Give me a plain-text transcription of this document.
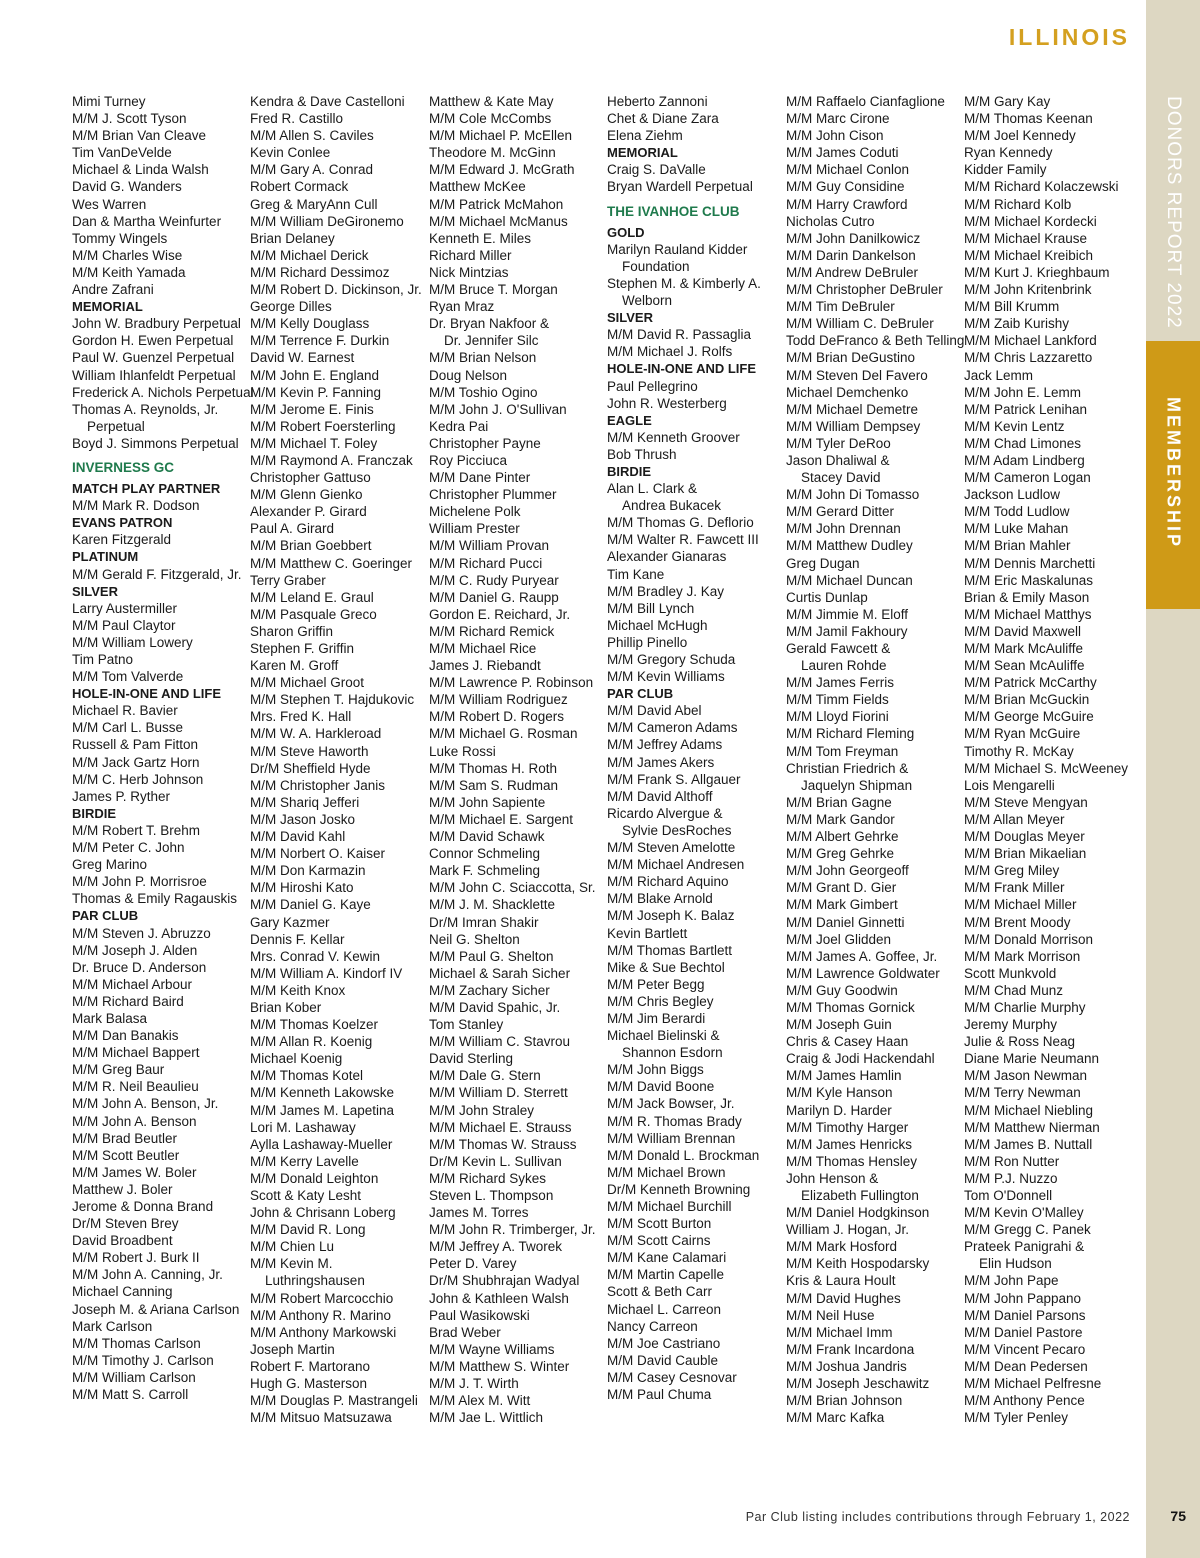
ILLINOIS
DONORS REPORT 2022
MEMBERSHIP
Mimi Turney
M/M J. Scott Tyson
M/M Brian Van Cleave
Tim VanDeVelde
Michael & Linda Walsh
David G. Wanders
Wes Warren
Dan & Martha Weinfurter
Tommy Wingels
M/M Charles Wise
M/M Keith Yamada
Andre Zafrani
MEMORIAL
John W. Bradbury Perpetual
Gordon H. Ewen Perpetual
Paul W. Guenzel Perpetual
William Ihlanfeldt Perpetual
Frederick A. Nichols Perpetual
Thomas A. Reynolds, Jr.
Perpetual
Boyd J. Simmons Perpetual
INVERNESS GC
MATCH PLAY PARTNER
M/M Mark R. Dodson
EVANS PATRON
Karen Fitzgerald
PLATINUM
M/M Gerald F. Fitzgerald, Jr.
SILVER
Larry Austermiller
M/M Paul Claytor
M/M William Lowery
Tim Patno
M/M Tom Valverde
HOLE-IN-ONE AND LIFE
Michael R. Bavier
M/M Carl L. Busse
Russell & Pam Fitton
M/M Jack Gartz Horn
M/M C. Herb Johnson
James P. Ryther
BIRDIE
M/M Robert T. Brehm
M/M Peter C. John
Greg Marino
M/M John P. Morrisroe
Thomas & Emily Ragauskis
PAR CLUB
M/M Steven J. Abruzzo
M/M Joseph J. Alden
Dr. Bruce D. Anderson
M/M Michael Arbour
M/M Richard Baird
Mark Balasa
M/M Dan Banakis
M/M Michael Bappert
M/M Greg Baur
M/M R. Neil Beaulieu
M/M John A. Benson, Jr.
M/M John A. Benson
M/M Brad Beutler
M/M Scott Beutler
M/M James W. Boler
Matthew J. Boler
Jerome & Donna Brand
Dr/M Steven Brey
David Broadbent
M/M Robert J. Burk II
M/M John A. Canning, Jr.
Michael Canning
Joseph M. & Ariana Carlson
Mark Carlson
M/M Thomas Carlson
M/M Timothy J. Carlson
M/M William Carlson
M/M Matt S. Carroll
Kendra & Dave Castelloni
Fred R. Castillo
M/M Allen S. Caviles
Kevin Conlee
M/M Gary A. Conrad
Robert Cormack
Greg & MaryAnn Cull
M/M William DeGironemo
Brian Delaney
M/M Michael Derick
M/M Richard Dessimoz
M/M Robert D. Dickinson, Jr.
George Dilles
M/M Kelly Douglass
M/M Terrence F. Durkin
David W. Earnest
M/M John E. England
M/M Kevin P. Fanning
M/M Jerome E. Finis
M/M Robert Foersterling
M/M Michael T. Foley
M/M Raymond A. Franczak
Christopher Gattuso
M/M Glenn Gienko
Alexander P. Girard
Paul A. Girard
M/M Brian Goebbert
M/M Matthew C. Goeringer
Terry Graber
M/M Leland E. Graul
M/M Pasquale Greco
Sharon Griffin
Stephen F. Griffin
Karen M. Groff
M/M Michael Groot
M/M Stephen T. Hajdukovic
Mrs. Fred K. Hall
M/M W. A. Harkleroad
M/M Steve Haworth
Dr/M Sheffield Hyde
M/M Christopher Janis
M/M Shariq Jefferi
M/M Jason Josko
M/M David Kahl
M/M Norbert O. Kaiser
M/M Don Karmazin
M/M Hiroshi Kato
M/M Daniel G. Kaye
Gary Kazmer
Dennis F. Kellar
Mrs. Conrad V. Kewin
M/M William A. Kindorf IV
M/M Keith Knox
Brian Kober
M/M Thomas Koelzer
M/M Allan R. Koenig
Michael Koenig
M/M Thomas Kotel
M/M Kenneth Lakowske
M/M James M. Lapetina
Lori M. Lashaway
Aylla Lashaway-Mueller
M/M Kerry Lavelle
M/M Donald Leighton
Scott & Katy Lesht
John & Chrisann Loberg
M/M David R. Long
M/M Chien Lu
M/M Kevin M.
Luthringshausen
M/M Robert Marcocchio
M/M Anthony R. Marino
M/M Anthony Markowski
Joseph Martin
Robert F. Martorano
Hugh G. Masterson
M/M Douglas P. Mastrangeli
M/M Mitsuo Matsuzawa
Matthew & Kate May
M/M Cole McCombs
M/M Michael P. McEllen
Theodore M. McGinn
M/M Edward J. McGrath
Matthew McKee
M/M Patrick McMahon
M/M Michael McManus
Kenneth E. Miles
Richard Miller
Nick Mintzias
M/M Bruce T. Morgan
Ryan Mraz
Dr. Bryan Nakfoor &
Dr. Jennifer Silc
M/M Brian Nelson
Doug Nelson
M/M Toshio Ogino
M/M John J. O'Sullivan
Kedra Pai
Christopher Payne
Roy Picciuca
M/M Dane Pinter
Christopher Plummer
Michelene Polk
William Prester
M/M William Provan
M/M Richard Pucci
M/M C. Rudy Puryear
M/M Daniel G. Raupp
Gordon E. Reichard, Jr.
M/M Richard Remick
M/M Michael Rice
James J. Riebandt
M/M Lawrence P. Robinson
M/M William Rodriguez
M/M Robert D. Rogers
M/M Michael G. Rosman
Luke Rossi
M/M Thomas H. Roth
M/M Sam S. Rudman
M/M John Sapiente
M/M Michael E. Sargent
M/M David Schawk
Connor Schmeling
Mark F. Schmeling
M/M John C. Sciaccotta, Sr.
M/M J. M. Shacklette
Dr/M Imran Shakir
Neil G. Shelton
M/M Paul G. Shelton
Michael & Sarah Sicher
M/M Zachary Sicher
M/M David Spahic, Jr.
Tom Stanley
M/M William C. Stavrou
David Sterling
M/M Dale G. Stern
M/M William D. Sterrett
M/M John Straley
M/M Michael E. Strauss
M/M Thomas W. Strauss
Dr/M Kevin L. Sullivan
M/M Richard Sykes
Steven L. Thompson
James M. Torres
M/M John R. Trimberger, Jr.
M/M Jeffrey A. Tworek
Peter D. Varey
Dr/M Shubhrajan Wadyal
John & Kathleen Walsh
Paul Wasikowski
Brad Weber
M/M Wayne Williams
M/M Matthew S. Winter
M/M J. T. Wirth
M/M Alex M. Witt
M/M Jae L. Wittlich
Heberto Zannoni
Chet & Diane Zara
Elena Ziehm
MEMORIAL
Craig S. DaValle
Bryan Wardell Perpetual
THE IVANHOE CLUB
GOLD
Marilyn Rauland Kidder
Foundation
Stephen M. & Kimberly A.
Welborn
SILVER
M/M David R. Passaglia
M/M Michael J. Rolfs
HOLE-IN-ONE AND LIFE
Paul Pellegrino
John R. Westerberg
EAGLE
M/M Kenneth Groover
Bob Thrush
BIRDIE
Alan L. Clark &
Andrea Bukacek
M/M Thomas G. Deflorio
M/M Walter R. Fawcett III
Alexander Gianaras
Tim Kane
M/M Bradley J. Kay
M/M Bill Lynch
Michael McHugh
Phillip Pinello
M/M Gregory Schuda
M/M Kevin Williams
PAR CLUB
M/M David Abel
M/M Cameron Adams
M/M Jeffrey Adams
M/M James Akers
M/M Frank S. Allgauer
M/M David Althoff
Ricardo Alvergue &
Sylvie DesRoches
M/M Steven Amelotte
M/M Michael Andresen
M/M Richard Aquino
M/M Blake Arnold
M/M Joseph K. Balaz
Kevin Bartlett
M/M Thomas Bartlett
Mike & Sue Bechtol
M/M Peter Begg
M/M Chris Begley
M/M Jim Berardi
Michael Bielinski &
Shannon Esdorn
M/M John Biggs
M/M David Boone
M/M Jack Bowser, Jr.
M/M R. Thomas Brady
M/M William Brennan
M/M Donald L. Brockman
M/M Michael Brown
Dr/M Kenneth Browning
M/M Michael Burchill
M/M Scott Burton
M/M Scott Cairns
M/M Kane Calamari
M/M Martin Capelle
Scott & Beth Carr
Michael L. Carreon
Nancy Carreon
M/M Joe Castriano
M/M David Cauble
M/M Casey Cesnovar
M/M Paul Chuma
M/M Raffaelo Cianfaglione
M/M Marc Cirone
M/M John Cison
M/M James Coduti
M/M Michael Conlon
M/M Guy Considine
M/M Harry Crawford
Nicholas Cutro
M/M John Danilkowicz
M/M Darin Dankelson
M/M Andrew DeBruler
M/M Christopher DeBruler
M/M Tim DeBruler
M/M William C. DeBruler
Todd DeFranco & Beth Telling
M/M Brian DeGustino
M/M Steven Del Favero
Michael Demchenko
M/M Michael Demetre
M/M William Dempsey
M/M Tyler DeRoo
Jason Dhaliwal &
Stacey David
M/M John Di Tomasso
M/M Gerard Ditter
M/M John Drennan
M/M Matthew Dudley
Greg Dugan
M/M Michael Duncan
Curtis Dunlap
M/M Jimmie M. Eloff
M/M Jamil Fakhoury
Gerald Fawcett &
Lauren Rohde
M/M James Ferris
M/M Timm Fields
M/M Lloyd Fiorini
M/M Richard Fleming
M/M Tom Freyman
Christian Friedrich &
Jaquelyn Shipman
M/M Brian Gagne
M/M Mark Gandor
M/M Albert Gehrke
M/M Greg Gehrke
M/M John Georgeoff
M/M Grant D. Gier
M/M Mark Gimbert
M/M Daniel Ginnetti
M/M Joel Glidden
M/M James A. Goffee, Jr.
M/M Lawrence Goldwater
M/M Guy Goodwin
M/M Thomas Gornick
M/M Joseph Guin
Chris & Casey Haan
Craig & Jodi Hackendahl
M/M James Hamlin
M/M Kyle Hanson
Marilyn D. Harder
M/M Timothy Harger
M/M James Henricks
M/M Thomas Hensley
John Henson &
Elizabeth Fullington
M/M Daniel Hodgkinson
William J. Hogan, Jr.
M/M Mark Hosford
M/M Keith Hospodarsky
Kris & Laura Hoult
M/M David Hughes
M/M Neil Huse
M/M Michael Imm
M/M Frank Incardona
M/M Joshua Jandris
M/M Joseph Jeschawitz
M/M Brian Johnson
M/M Marc Kafka
M/M Gary Kay
M/M Thomas Keenan
M/M Joel Kennedy
Ryan Kennedy
Kidder Family
M/M Richard Kolaczewski
M/M Richard Kolb
M/M Michael Kordecki
M/M Michael Krause
M/M Michael Kreibich
M/M Kurt J. Krieghbaum
M/M John Kritenbrink
M/M Bill Krumm
M/M Zaib Kurishy
M/M Michael Lankford
M/M Chris Lazzaretto
Jack Lemm
M/M John E. Lemm
M/M Patrick Lenihan
M/M Kevin Lentz
M/M Chad Limones
M/M Adam Lindberg
M/M Cameron Logan
Jackson Ludlow
M/M Todd Ludlow
M/M Luke Mahan
M/M Brian Mahler
M/M Dennis Marchetti
M/M Eric Maskalunas
Brian & Emily Mason
M/M Michael Matthys
M/M David Maxwell
M/M Mark McAuliffe
M/M Sean McAuliffe
M/M Patrick McCarthy
M/M Brian McGuckin
M/M George McGuire
M/M Ryan McGuire
Timothy R. McKay
M/M Michael S. McWeeney
Lois Mengarelli
M/M Steve Mengyan
M/M Allan Meyer
M/M Douglas Meyer
M/M Brian Mikaelian
M/M Greg Miley
M/M Frank Miller
M/M Michael Miller
M/M Brent Moody
M/M Donald Morrison
M/M Mark Morrison
Scott Munkvold
M/M Chad Munz
M/M Charlie Murphy
Jeremy Murphy
Julie & Ross Neag
Diane Marie Neumann
M/M Jason Newman
M/M Terry Newman
M/M Michael Niebling
M/M Matthew Nierman
M/M James B. Nuttall
M/M Ron Nutter
M/M P.J. Nuzzo
Tom O'Donnell
M/M Kevin O'Malley
M/M Gregg C. Panek
Prateek Panigrahi &
Elin Hudson
M/M John Pape
M/M John Pappano
M/M Daniel Parsons
M/M Daniel Pastore
M/M Vincent Pecaro
M/M Dean Pedersen
M/M Michael Pelfresne
M/M Anthony Pence
M/M Tyler Penley
Par Club listing includes contributions through February 1, 2022	75
